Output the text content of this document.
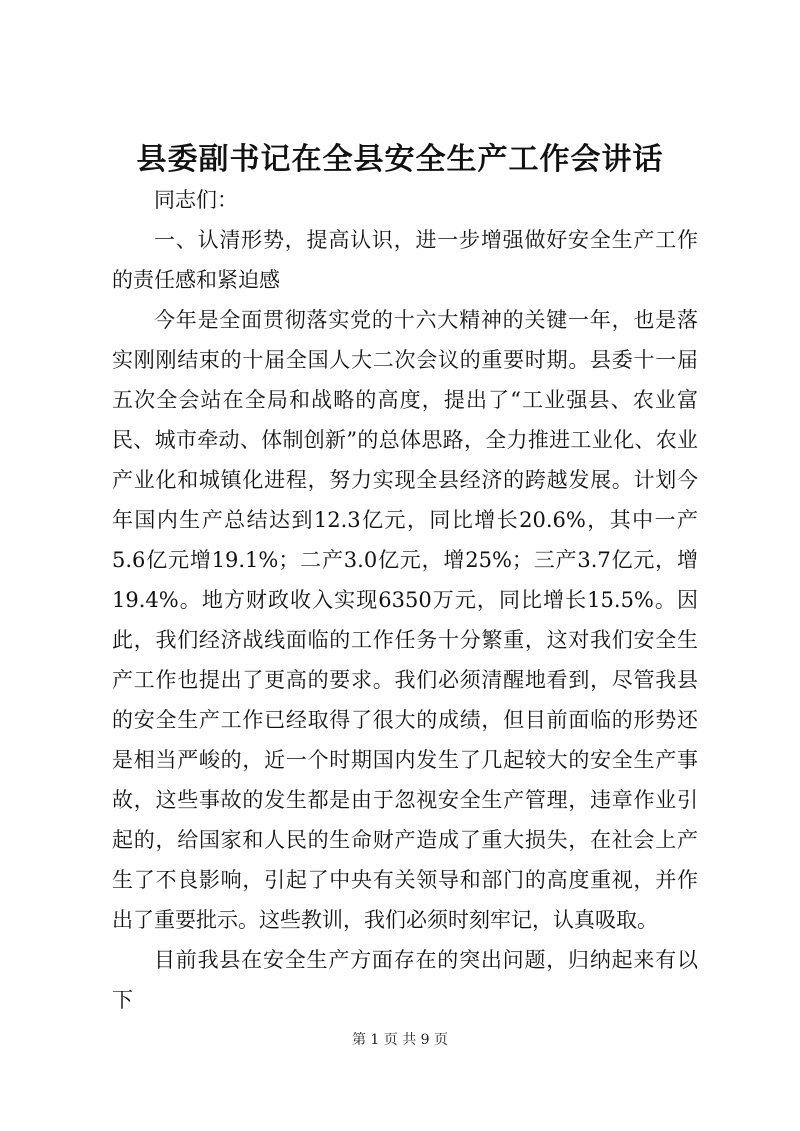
县委副书记在全县安全生产工作会讲话

同志们：

一、认清形势，提高认识，进一步增强做好安全生产工作的责任感和紧迫感

今年是全面贯彻落实党的十六大精神的关键一年，也是落实刚刚结束的十届全国人大二次会议的重要时期。县委十一届五次全会站在全局和战略的高度，提出了“工业强县、农业富民、城市牵动、体制创新”的总体思路，全力推进工业化、农业产业化和城镇化进程，努力实现全县经济的跨越发展。计划今年国内生产总结达到12.3亿元，同比增长20.6%，其中一产5.6亿元增19.1%；二产3.0亿元，增25%；三产3.7亿元，增19.4%。地方财政收入实现6350万元，同比增长15.5%。因此，我们经济战线面临的工作任务十分繁重，这对我们安全生产工作也提出了更高的要求。我们必须清醒地看到，尽管我县的安全生产工作已经取得了很大的成绩，但目前面临的形势还是相当严峻的，近一个时期国内发生了几起较大的安全生产事故，这些事故的发生都是由于忽视安全生产管理，违章作业引起的，给国家和人民的生命财产造成了重大损失，在社会上产生了不良影响，引起了中央有关领导和部门的高度重视，并作出了重要批示。这些教训，我们必须时刻牢记，认真吸取。

目前我县在安全生产方面存在的突出问题，归纳起来有以下

第 1 页 共 9 页
